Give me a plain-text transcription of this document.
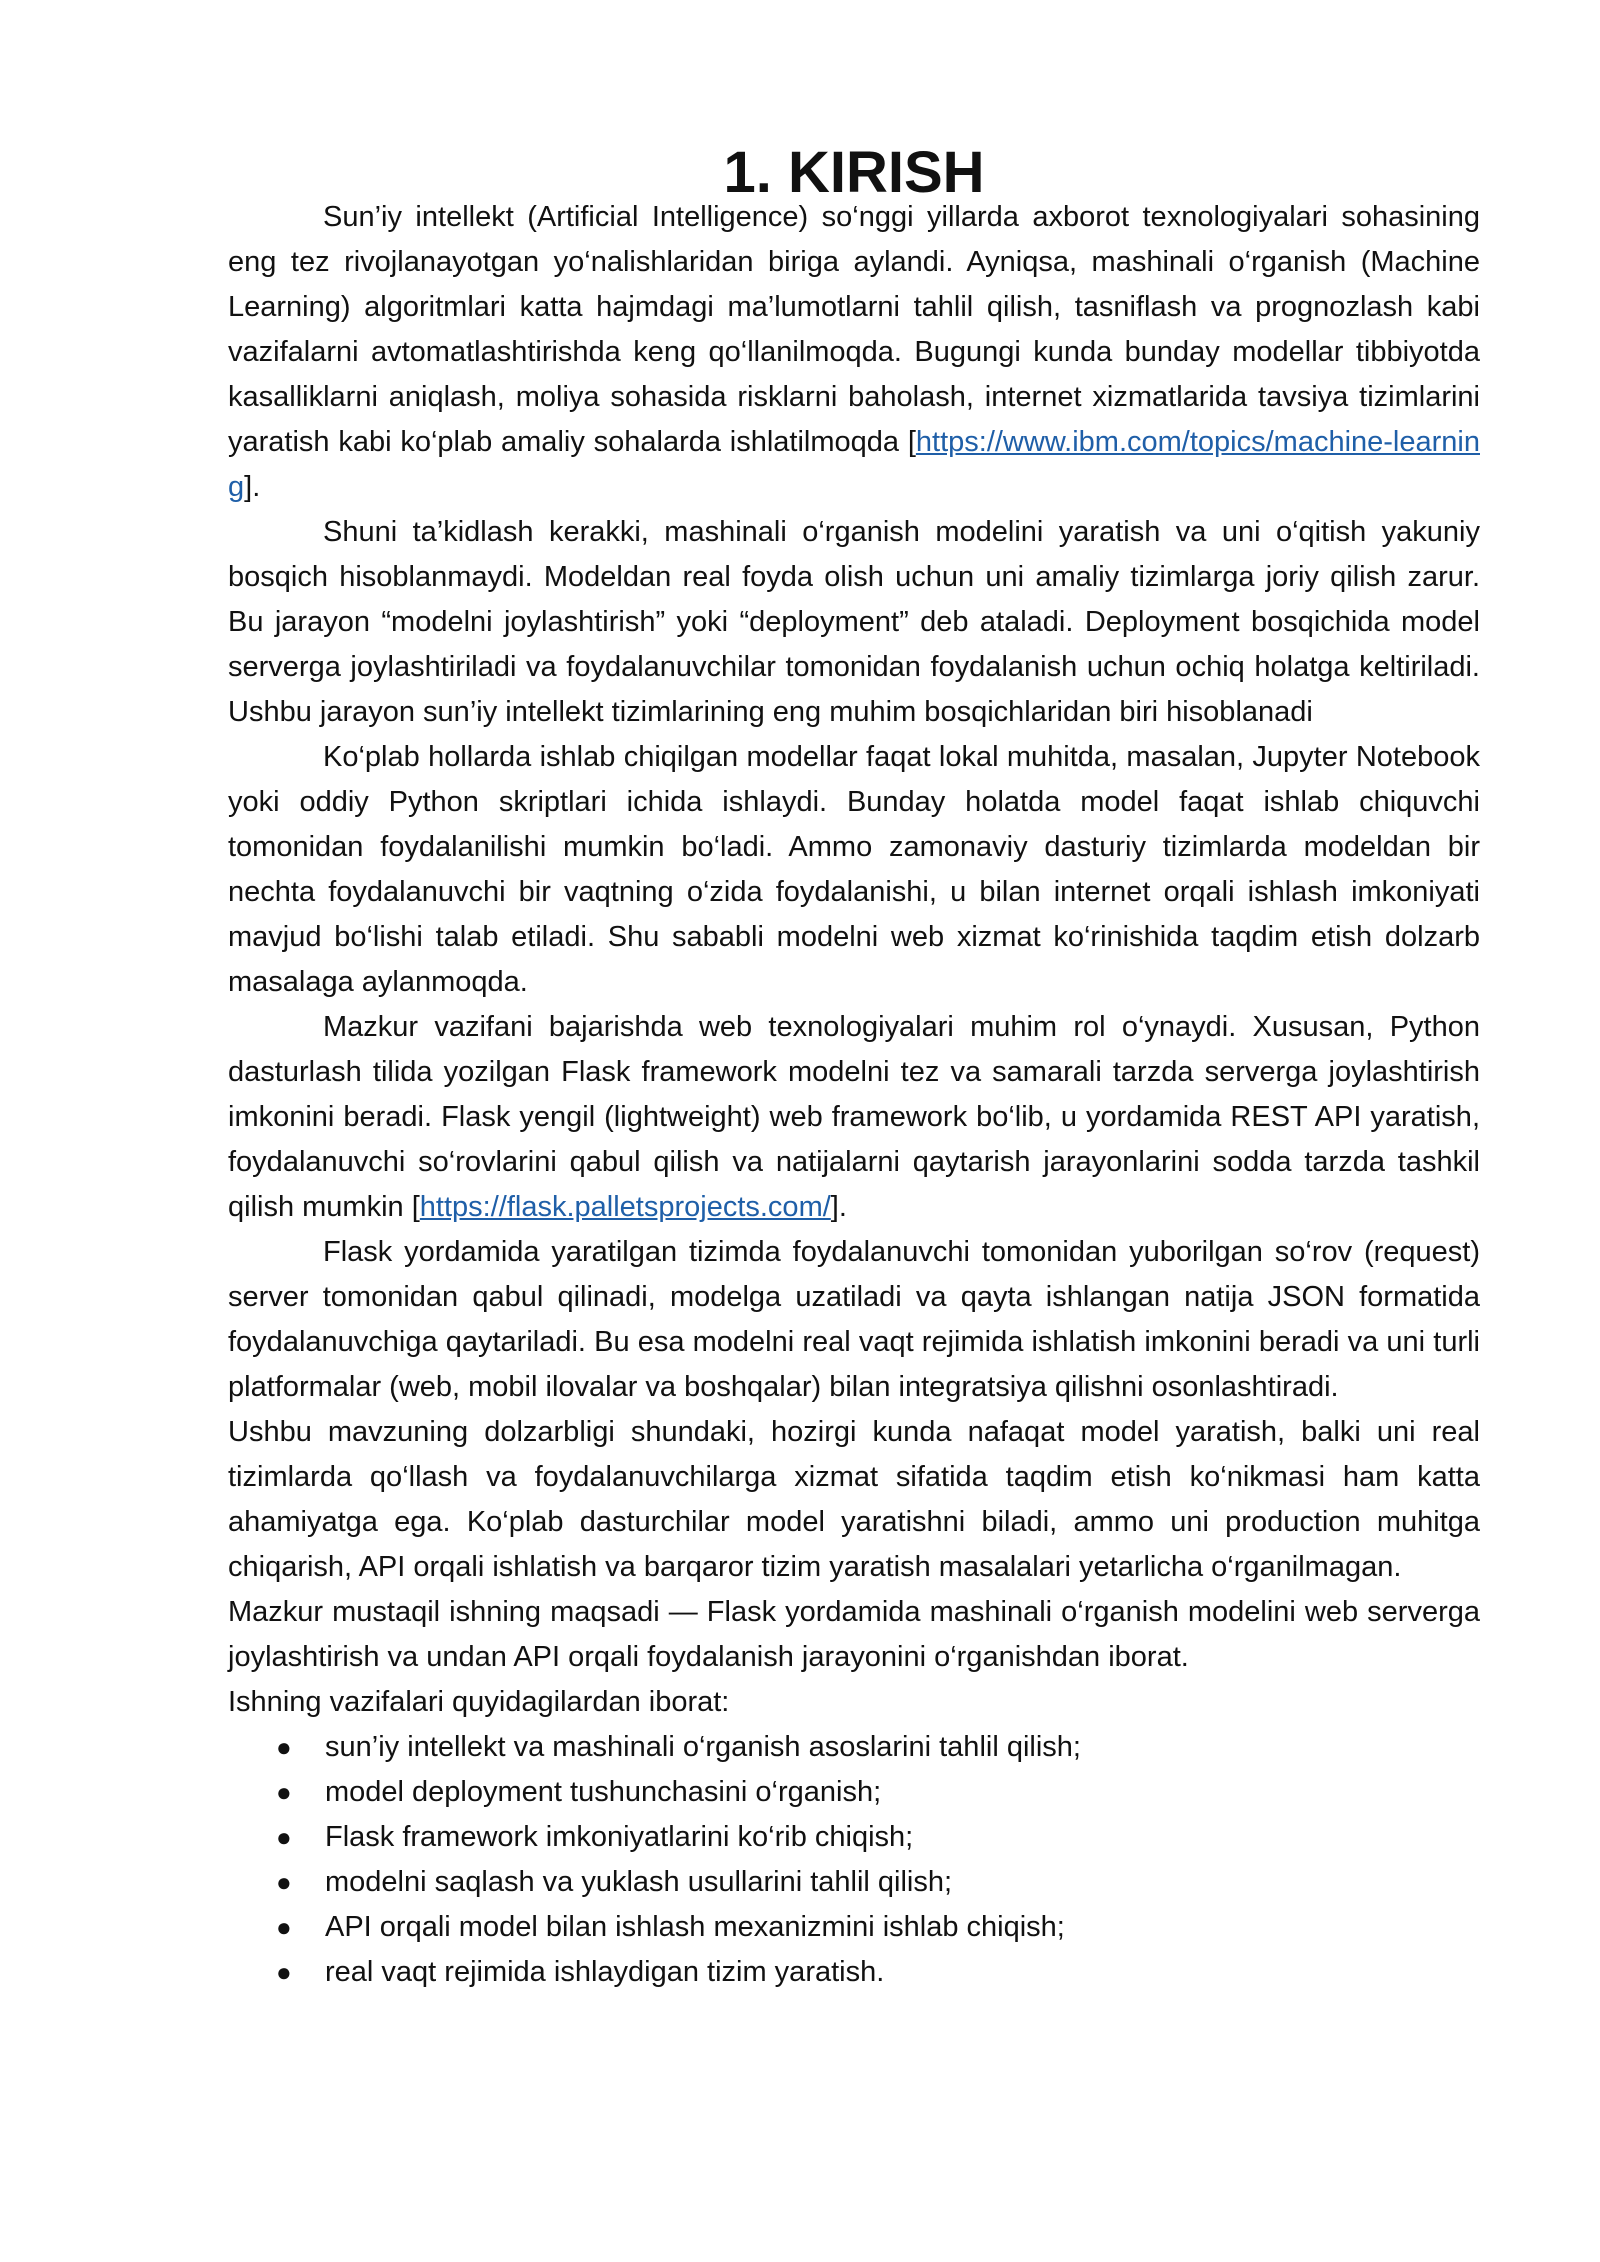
1. KIRISH

Sun’iy intellekt (Artificial Intelligence) so‘nggi yillarda axborot texnologiyalari sohasining eng tez rivojlanayotgan yo‘nalishlaridan biriga aylandi. Ayniqsa, mashinali o‘rganish (Machine Learning) algoritmlari katta hajmdagi ma’lumotlarni tahlil qilish, tasniflash va prognozlash kabi vazifalarni avtomatlashtirishda keng qo‘llanilmoqda. Bugungi kunda bunday modellar tibbiyotda kasalliklarni aniqlash, moliya sohasida risklarni baholash, internet xizmatlarida tavsiya tizimlarini yaratish kabi ko‘plab amaliy sohalarda ishlatilmoqda [https://www.ibm.com/topics/machine-learning].

Shuni ta’kidlash kerakki, mashinali o‘rganish modelini yaratish va uni o‘qitish yakuniy bosqich hisoblanmaydi. Modeldan real foyda olish uchun uni amaliy tizimlarga joriy qilish zarur. Bu jarayon “modelni joylashtirish” yoki “deployment” deb ataladi. Deployment bosqichida model serverga joylashtiriladi va foydalanuvchilar tomonidan foydalanish uchun ochiq holatga keltiriladi. Ushbu jarayon sun’iy intellekt tizimlarining eng muhim bosqichlaridan biri hisoblanadi

Ko‘plab hollarda ishlab chiqilgan modellar faqat lokal muhitda, masalan, Jupyter Notebook yoki oddiy Python skriptlari ichida ishlaydi. Bunday holatda model faqat ishlab chiquvchi tomonidan foydalanilishi mumkin bo‘ladi. Ammo zamonaviy dasturiy tizimlarda modeldan bir nechta foydalanuvchi bir vaqtning o‘zida foydalanishi, u bilan internet orqali ishlash imkoniyati mavjud bo‘lishi talab etiladi. Shu sababli modelni web xizmat ko‘rinishida taqdim etish dolzarb masalaga aylanmoqda.

Mazkur vazifani bajarishda web texnologiyalari muhim rol o‘ynaydi. Xususan, Python dasturlash tilida yozilgan Flask framework modelni tez va samarali tarzda serverga joylashtirish imkonini beradi. Flask yengil (lightweight) web framework bo‘lib, u yordamida REST API yaratish, foydalanuvchi so‘rovlarini qabul qilish va natijalarni qaytarish jarayonlarini sodda tarzda tashkil qilish mumkin [https://flask.palletsprojects.com/].

Flask yordamida yaratilgan tizimda foydalanuvchi tomonidan yuborilgan so‘rov (request) server tomonidan qabul qilinadi, modelga uzatiladi va qayta ishlangan natija JSON formatida foydalanuvchiga qaytariladi. Bu esa modelni real vaqt rejimida ishlatish imkonini beradi va uni turli platformalar (web, mobil ilovalar va boshqalar) bilan integratsiya qilishni osonlashtiradi.

Ushbu mavzuning dolzarbligi shundaki, hozirgi kunda nafaqat model yaratish, balki uni real tizimlarda qo‘llash va foydalanuvchilarga xizmat sifatida taqdim etish ko‘nikmasi ham katta ahamiyatga ega. Ko‘plab dasturchilar model yaratishni biladi, ammo uni production muhitga chiqarish, API orqali ishlatish va barqaror tizim yaratish masalalari yetarlicha o‘rganilmagan.

Mazkur mustaqil ishning maqsadi — Flask yordamida mashinali o‘rganish modelini web serverga joylashtirish va undan API orqali foydalanish jarayonini o‘rganishdan iborat.

Ishning vazifalari quyidagilardan iborat:

● sun’iy intellekt va mashinali o‘rganish asoslarini tahlil qilish;
● model deployment tushunchasini o‘rganish;
● Flask framework imkoniyatlarini ko‘rib chiqish;
● modelni saqlash va yuklash usullarini tahlil qilish;
● API orqali model bilan ishlash mexanizmini ishlab chiqish;
● real vaqt rejimida ishlaydigan tizim yaratish.
